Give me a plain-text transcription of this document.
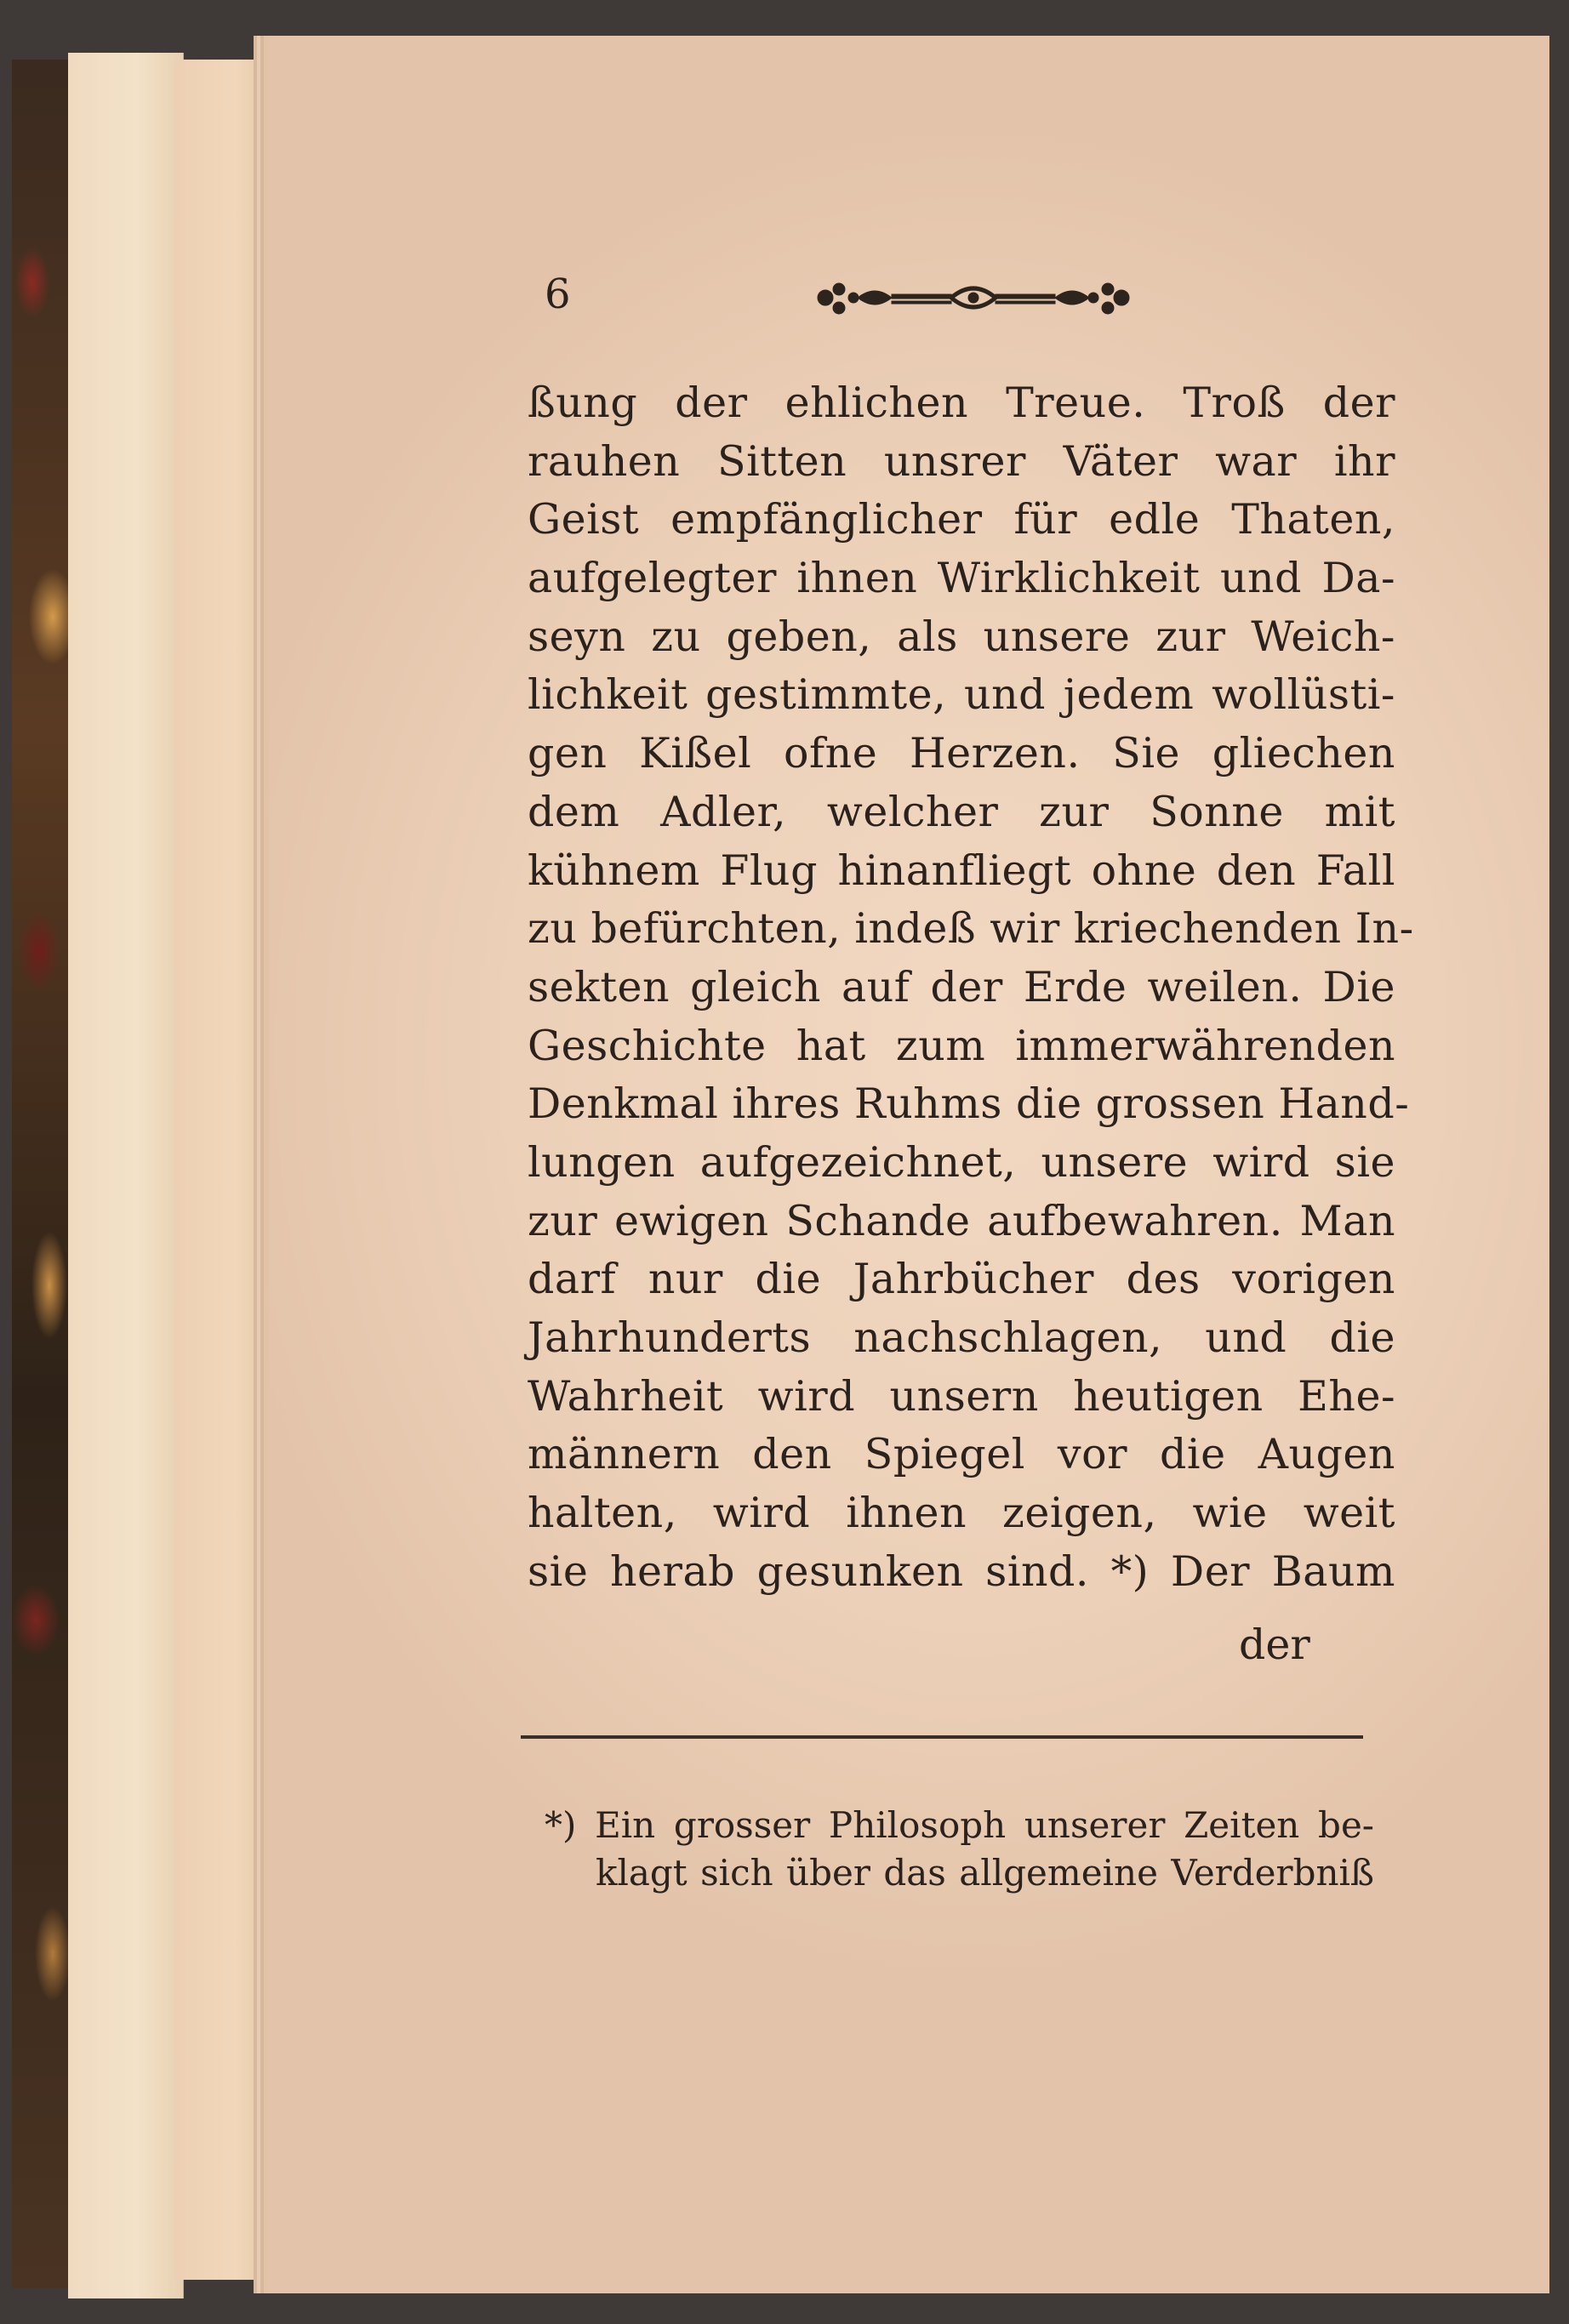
6
ßung der ehlichen Treue. Troß der
rauhen Sitten unsrer Väter war ihr
Geist empfänglicher für edle Thaten,
aufgelegter ihnen Wirklichkeit und Da-
seyn zu geben, als unsere zur Weich-
lichkeit gestimmte, und jedem wollüsti-
gen Kißel ofne Herzen. Sie gliechen
dem Adler, welcher zur Sonne mit
kühnem Flug hinanfliegt ohne den Fall
zu befürchten, indeß wir kriechenden In-
sekten gleich auf der Erde weilen. Die
Geschichte hat zum immerwährenden
Denkmal ihres Ruhms die grossen Hand-
lungen aufgezeichnet, unsere wird sie
zur ewigen Schande aufbewahren. Man
darf nur die Jahrbücher des vorigen
Jahrhunderts nachschlagen, und die
Wahrheit wird unsern heutigen Ehe-
männern den Spiegel vor die Augen
halten, wird ihnen zeigen, wie weit
sie herab gesunken sind. *) Der Baum
der
*) Ein grosser Philosoph unserer Zeiten be-
klagt sich über das allgemeine Verderbniß
